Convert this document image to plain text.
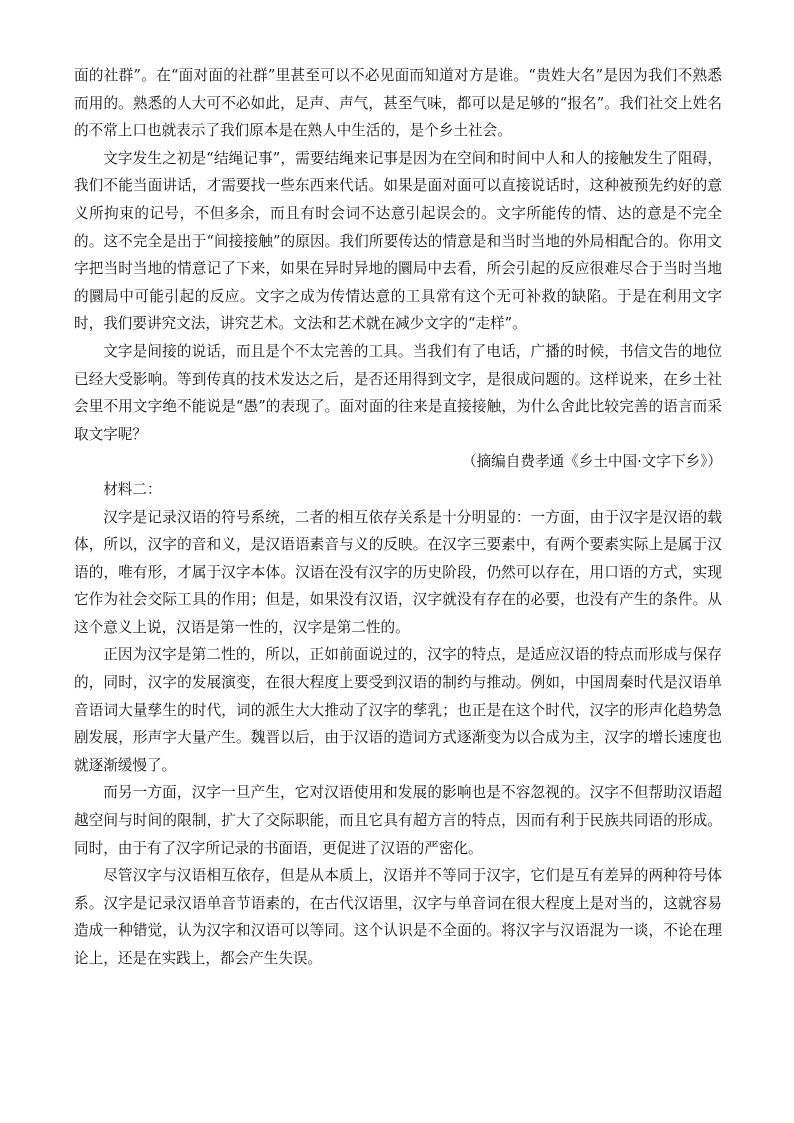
面的社群”。在“面对面的社群”里甚至可以不必见面而知道对方是谁。“贵姓大名”是因为我们不熟悉而用的。熟悉的人大可不必如此，足声、声气，甚至气味，都可以是足够的“报名”。我们社交上姓名的不常上口也就表示了我们原本是在熟人中生活的，是个乡土社会。

文字发生之初是“结绳记事”，需要结绳来记事是因为在空间和时间中人和人的接触发生了阻碍，我们不能当面讲话，才需要找一些东西来代话。如果是面对面可以直接说话时，这种被预先约好的意义所拘束的记号，不但多余，而且有时会词不达意引起误会的。文字所能传的情、达的意是不完全的。这不完全是出于“间接接触”的原因。我们所要传达的情意是和当时当地的外局相配合的。你用文字把当时当地的情意记了下来，如果在异时异地的圜局中去看，所会引起的反应很难尽合于当时当地的圜局中可能引起的反应。文字之成为传情达意的工具常有这个无可补救的缺陷。于是在利用文字时，我们要讲究文法，讲究艺术。文法和艺术就在减少文字的“走样”。

文字是间接的说话，而且是个不太完善的工具。当我们有了电话，广播的时候，书信文告的地位已经大受影响。等到传真的技术发达之后，是否还用得到文字，是很成问题的。这样说来，在乡土社会里不用文字绝不能说是“愚”的表现了。面对面的往来是直接接触，为什么舍此比较完善的语言而采取文字呢？

（摘编自费孝通《乡土中国·文字下乡》）

材料二：

汉字是记录汉语的符号系统，二者的相互依存关系是十分明显的：一方面，由于汉字是汉语的载体，所以，汉字的音和义，是汉语语素音与义的反映。在汉字三要素中，有两个要素实际上是属于汉语的，唯有形，才属于汉字本体。汉语在没有汉字的历史阶段，仍然可以存在，用口语的方式，实现它作为社会交际工具的作用；但是，如果没有汉语，汉字就没有存在的必要，也没有产生的条件。从这个意义上说，汉语是第一性的，汉字是第二性的。

正因为汉字是第二性的，所以，正如前面说过的，汉字的特点，是适应汉语的特点而形成与保存的，同时，汉字的发展演变，在很大程度上要受到汉语的制约与推动。例如，中国周秦时代是汉语单音语词大量孳生的时代，词的派生大大推动了汉字的孳乳；也正是在这个时代，汉字的形声化趋势急剧发展，形声字大量产生。魏晋以后，由于汉语的造词方式逐渐变为以合成为主，汉字的增长速度也就逐渐缓慢了。

而另一方面，汉字一旦产生，它对汉语使用和发展的影响也是不容忽视的。汉字不但帮助汉语超越空间与时间的限制，扩大了交际职能，而且它具有超方言的特点，因而有利于民族共同语的形成。同时，由于有了汉字所记录的书面语，更促进了汉语的严密化。

尽管汉字与汉语相互依存，但是从本质上，汉语并不等同于汉字，它们是互有差异的两种符号体系。汉字是记录汉语单音节语素的，在古代汉语里，汉字与单音词在很大程度上是对当的，这就容易造成一种错觉，认为汉字和汉语可以等同。这个认识是不全面的。将汉字与汉语混为一谈，不论在理论上，还是在实践上，都会产生失误。
